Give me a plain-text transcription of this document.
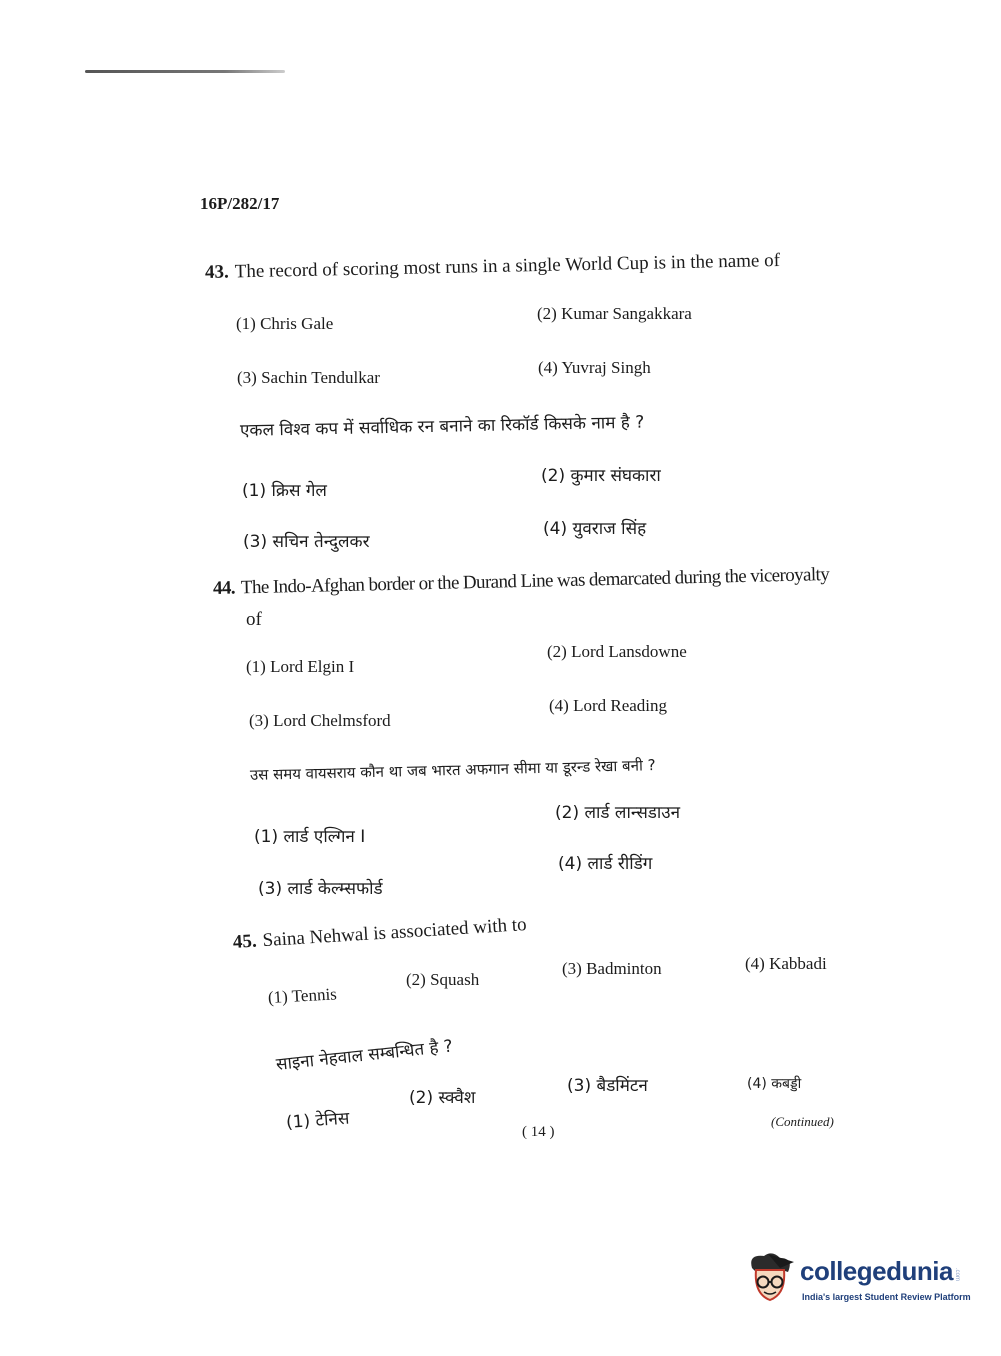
16P/282/17
43. The record of scoring most runs in a single World Cup is in the name of
(1) Chris Gale
(2) Kumar Sangakkara
(3) Sachin Tendulkar
(4) Yuvraj Singh
एकल विश्व कप में सर्वाधिक रन बनाने का रिकॉर्ड किसके नाम है ?
(1) क्रिस गेल
(2) कुमार संघकारा
(3) सचिन तेन्दुलकर
(4) युवराज सिंह
44. The Indo-Afghan border or the Durand Line was demarcated during the viceroyalty
of
(1) Lord Elgin I
(2) Lord Lansdowne
(3) Lord Chelmsford
(4) Lord Reading
उस समय वायसराय कौन था जब भारत अफगान सीमा या डूरन्ड रेखा बनी ?
(1) लार्ड एल्गिन I
(2) लार्ड लान्सडाउन
(3) लार्ड केल्म्सफोर्ड
(4) लार्ड रीडिंग
45. Saina Nehwal is associated with to
(1) Tennis
(2) Squash
(3) Badminton	(4) Kabbadi
साइना नेहवाल सम्बन्धित है ?
(1) टेनिस
(2) स्क्वैश
(3) बैडमिंटन	(4) कबड्डी
( 14 )
(Continued)
collegedunia .com
India's largest Student Review Platform
